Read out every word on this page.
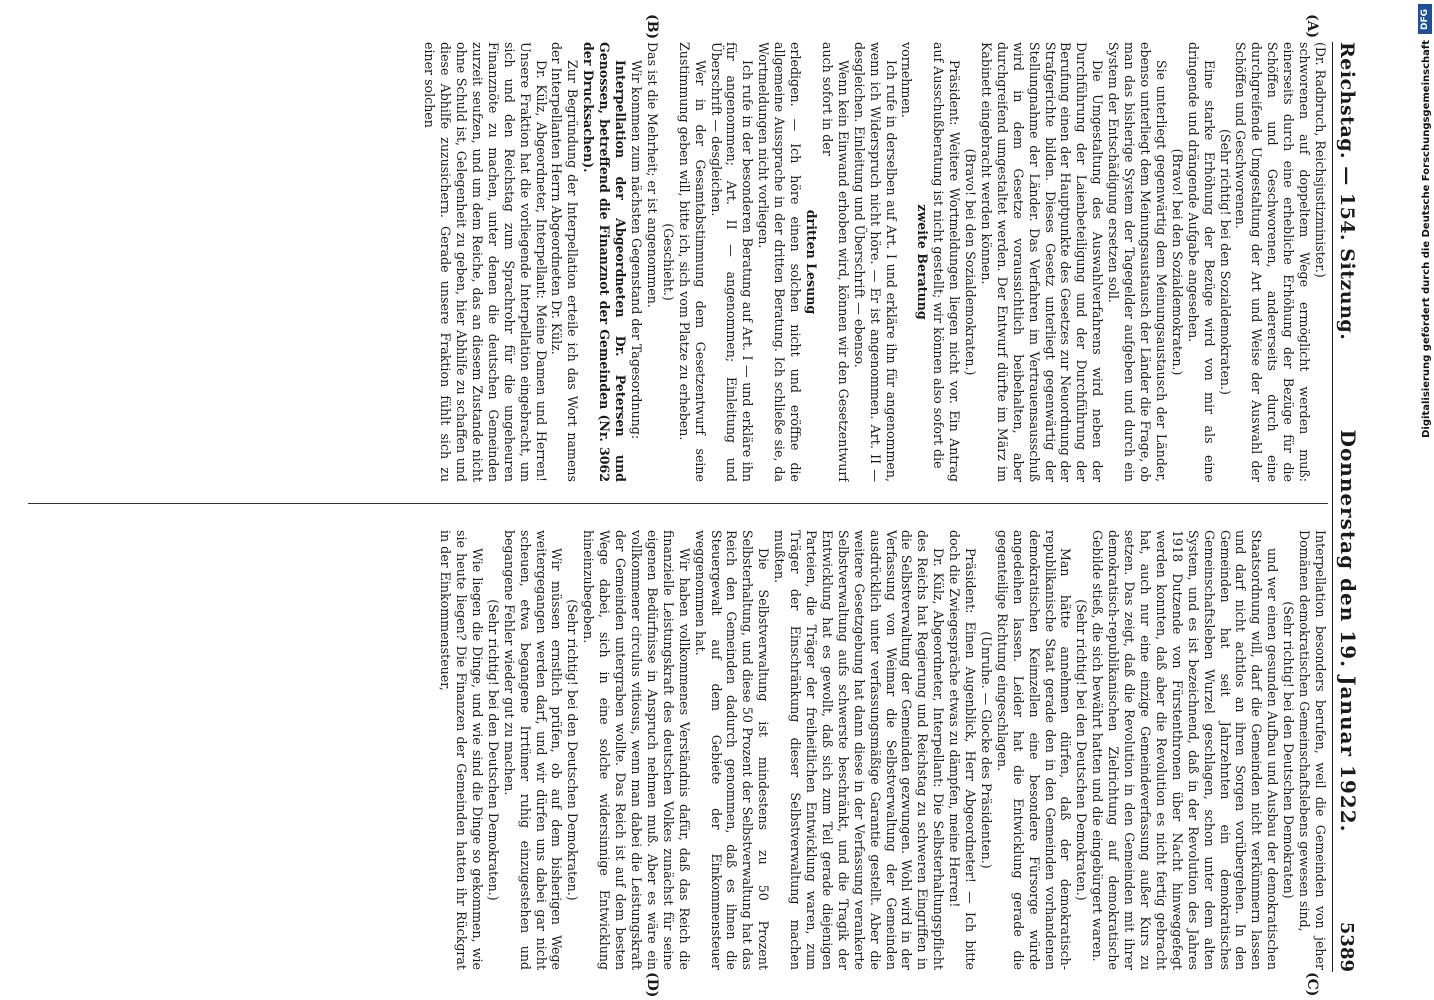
Reichstag. — 154. Sitzung.
Donnerstag den 19. Januar 1922.
5389
(A)
(B)
(C)
(D)

(Dr. Radbruch, Reichsjustizminister.)

schworenen auf doppeltem Wege ermöglicht werden muß: einerseits durch eine erhebliche Erhöhung der Bezüge für die Schöffen und Geschworenen, andererseits durch eine durchgreifende Umgestaltung der Art und Weise der Auswahl der Schöffen und Geschworenen.

(Sehr richtig! bei den Sozialdemokraten.)

Eine starke Erhöhung der Bezüge wird von mir als eine dringende und drängende Aufgabe angesehen.

(Bravo! bei den Sozialdemokraten.)

Sie unterliegt gegenwärtig dem Meinungsaustausch der Länder, ebenso unterliegt dem Meinungsaustausch der Länder die Frage, ob man das bisherige System der Tagegelder aufgeben und durch ein System der Entschädigung ersetzen soll.

Die Umgestaltung des Auswahlverfahrens wird neben der Durchführung der Laienbeteiligung und der Durchführung der Berufung einen der Hauptpunkte des Gesetzes zur Neuordnung der Strafgerichte bilden. Dieses Gesetz unterliegt gegenwärtig der Stellungnahme der Länder. Das Verfahren im Vertrauensausschuß wird in dem Gesetze voraussichtlich beibehalten, aber durchgreifend umgestaltet werden. Der Entwurf dürfte im März im Kabinett eingebracht werden können.

(Bravo! bei den Sozialdemokraten.)

Präsident: Weitere Wortmeldungen liegen nicht vor. Ein Antrag auf Ausschußberatung ist nicht gestellt; wir können also sofort die

zweite Beratung

vornehmen.

Ich rufe in derselben auf Art. I und erkläre ihn für angenommen, wenn ich Widerspruch nicht höre. — Er ist angenommen. Art. II — desgleichen. Einleitung und Überschrift — ebenso.

Wenn kein Einwand erhoben wird, können wir den Gesetzentwurf auch sofort in der

dritten Lesung

erledigen. — Ich höre einen solchen nicht und eröffne die allgemeine Aussprache in der dritten Beratung. Ich schließe sie, da Wortmeldungen nicht vorliegen.

Ich rufe in der besonderen Beratung auf Art. I — und erkläre ihn für angenommen; Art. II — angenommen; Einleitung und Überschrift — desgleichen.

Wer in der Gesamtabstimmung dem Gesetzentwurf seine Zustimmung geben will, bitte ich, sich vom Platze zu erheben.

(Geschieht.)

Das ist die Mehrheit; er ist angenommen.

Wir kommen zum nächsten Gegenstand der Tagesordnung:

Interpellation der Abgeordneten Dr. Petersen und Genossen, betreffend die Finanznot der Gemeinden (Nr. 3062 der Drucksachen).

Zur Begründung der Interpellation erteile ich das Wort namens der Interpellanten Herrn Abgeordneten Dr. Külz.

Dr. Külz, Abgeordneter, Interpellant: Meine Damen und Herren! Unsere Fraktion hat die vorliegende Interpellation eingebracht, um sich und den Reichstag zum Sprachrohr für die ungeheuren Finanznöte zu machen, unter denen die deutschen Gemeinden zurzeit seufzen, und um dem Reiche, das an diesem Zustande nicht ohne Schuld ist, Gelegenheit zu geben, hier Abhilfe zu schaffen und diese Abhilfe zuzusichern. Gerade unsere Fraktion fühlt sich zu einer solchen

Interpellation besonders berufen, weil die Gemeinden von jeher Domänen demokratischen Gemeinschaftslebens gewesen sind,

(Sehr richtig! bei den Deutschen Demokraten)

und wer einen gesunden Aufbau und Ausbau der demokratischen Staatsordnung will, darf die Gemeinden nicht verkümmern lassen und darf nicht achtlos an ihren Sorgen vorübergehen. In den Gemeinden hat seit Jahrzehnten ein demokratisches Gemeinschaftsleben Wurzel geschlagen, schon unter dem alten System, und es ist bezeichnend, daß in der Revolution des Jahres 1918 Dutzende von Fürstenthronen über Nacht hinweggefegt werden konnten, daß aber die Revolution es nicht fertig gebracht hat, auch nur eine einzige Gemeindeverfassung außer Kurs zu setzen. Das zeigt, daß die Revolution in den Gemeinden mit ihrer demokratisch-republikanischen Zielrichtung auf demokratische Gebilde stieß, die sich bewährt hatten und die eingebürgert waren.

(Sehr richtig! bei den Deutschen Demokraten.)

Man hätte annehmen dürfen, daß der demokratisch-republikanische Staat gerade den in den Gemeinden vorhandenen demokratischen Keimzellen eine besondere Fürsorge würde angedeihen lassen. Leider hat die Entwicklung gerade die gegenteilige Richtung eingeschlagen.

(Unruhe. — Glocke des Präsidenten.)

Präsident: Einen Augenblick, Herr Abgeordneter! — Ich bitte doch die Zwiegespräche etwas zu dämpfen, meine Herren!

Dr. Külz, Abgeordneter, Interpellant: Die Selbsterhaltungspflicht des Reichs hat Regierung und Reichstag zu schweren Eingriffen in die Selbstverwaltung der Gemeinden gezwungen. Wohl wird in der Verfassung von Weimar die Selbstverwaltung der Gemeinden ausdrücklich unter verfassungsmäßige Garantie gestellt. Aber die weitere Gesetzgebung hat dann diese in der Verfassung verankerte Selbstverwaltung aufs schwerste beschränkt, und die Tragik der Entwicklung hat es gewollt, daß sich zum Teil gerade diejenigen Parteien, die Träger der freiheitlichen Entwicklung waren, zum Träger der Einschränkung dieser Selbstverwaltung machen mußten.

Die Selbstverwaltung ist mindestens zu 50 Prozent Selbsterhaltung, und diese 50 Prozent der Selbstverwaltung hat das Reich den Gemeinden dadurch genommen, daß es ihnen die Steuergewalt auf dem Gebiete der Einkommensteuer weggenommen hat.

Wir haben vollkommenes Verständnis dafür, daß das Reich die finanzielle Leistungskraft des deutschen Volkes zunächst für seine eigenen Bedürfnisse in Anspruch nehmen muß. Aber es wäre ein vollkommener circulus vitiosus, wenn man dabei die Leistungskraft der Gemeinden untergraben wollte. Das Reich ist auf dem besten Wege dabei, sich in eine solche widersinnige Entwicklung hineinzubegeben.

(Sehr richtig! bei den Deutschen Demokraten.)

Wir müssen ernstlich prüfen, ob auf dem bisherigen Wege weitergegangen werden darf, und wir dürfen uns dabei gar nicht scheuen, etwa begangene Irrtümer ruhig einzugestehen und begangene Fehler wieder gut zu machen.

(Sehr richtig! bei den Deutschen Demokraten.)

Wie liegen die Dinge, und wie sind die Dinge so gekommen, wie sie heute liegen? Die Finanzen der Gemeinden hatten ihr Rückgrat in der Einkommensteuer,

DFG
Digitalisierung gefördert durch die Deutsche Forschungsgemeinschaft
